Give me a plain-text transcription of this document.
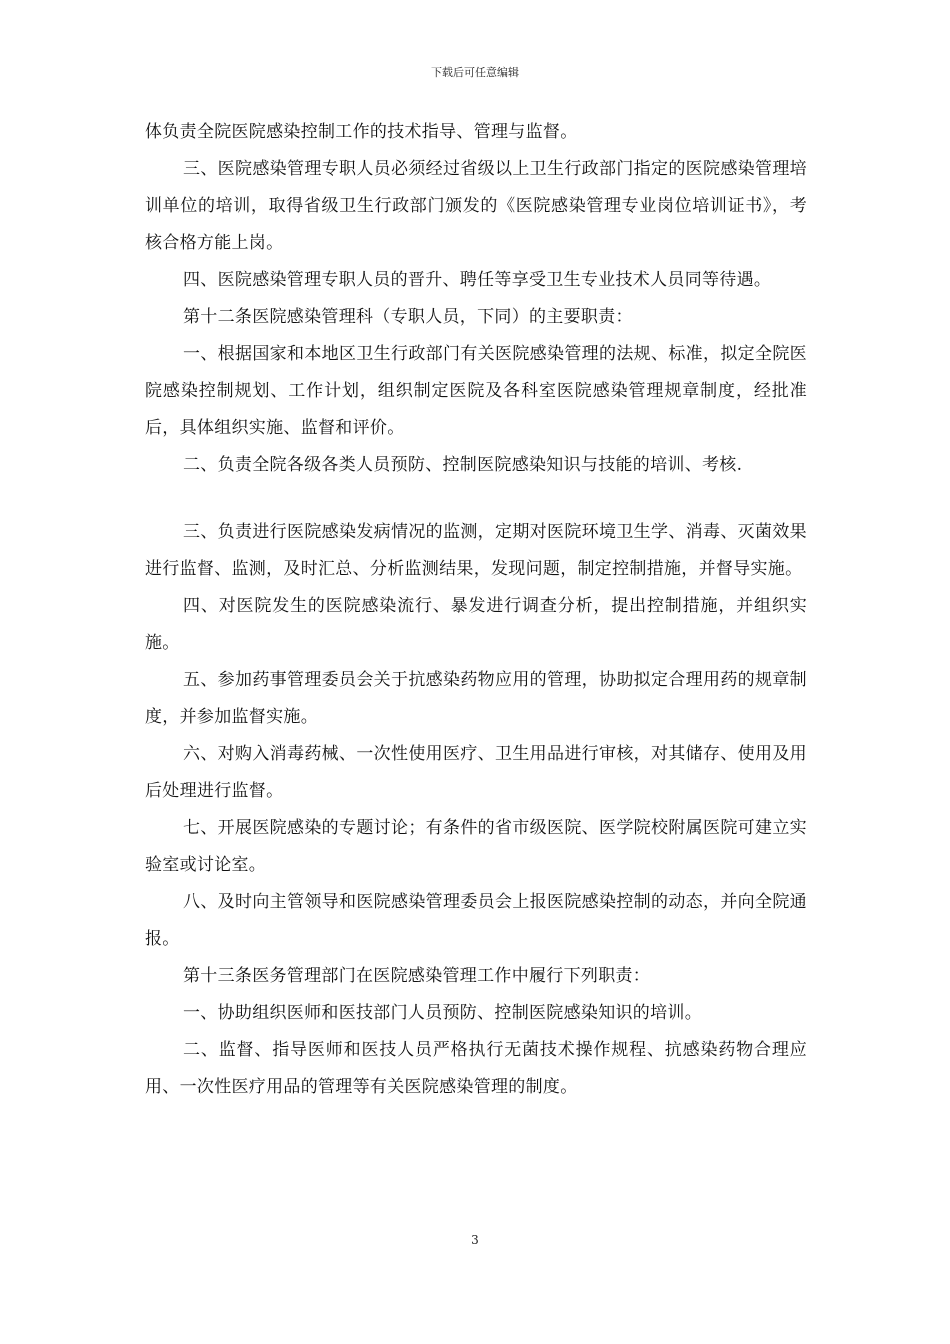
下载后可任意编辑

体负责全院医院感染控制工作的技术指导、管理与监督。

三、医院感染管理专职人员必须经过省级以上卫生行政部门指定的医院感染管理培训单位的培训，取得省级卫生行政部门颁发的《医院感染管理专业岗位培训证书》，考核合格方能上岗。

四、医院感染管理专职人员的晋升、聘任等享受卫生专业技术人员同等待遇。

第十二条医院感染管理科（专职人员，下同）的主要职责：

一、根据国家和本地区卫生行政部门有关医院感染管理的法规、标准，拟定全院医院感染控制规划、工作计划，组织制定医院及各科室医院感染管理规章制度，经批准后，具体组织实施、监督和评价。

二、负责全院各级各类人员预防、控制医院感染知识与技能的培训、考核.

三、负责进行医院感染发病情况的监测，定期对医院环境卫生学、消毒、灭菌效果进行监督、监测，及时汇总、分析监测结果，发现问题，制定控制措施，并督导实施。

四、对医院发生的医院感染流行、暴发进行调查分析，提出控制措施，并组织实施。

五、参加药事管理委员会关于抗感染药物应用的管理，协助拟定合理用药的规章制度，并参加监督实施。

六、对购入消毒药械、一次性使用医疗、卫生用品进行审核，对其储存、使用及用后处理进行监督。

七、开展医院感染的专题讨论；有条件的省市级医院、医学院校附属医院可建立实验室或讨论室。

八、及时向主管领导和医院感染管理委员会上报医院感染控制的动态，并向全院通报。

第十三条医务管理部门在医院感染管理工作中履行下列职责：

一、协助组织医师和医技部门人员预防、控制医院感染知识的培训。

二、监督、指导医师和医技人员严格执行无菌技术操作规程、抗感染药物合理应用、一次性医疗用品的管理等有关医院感染管理的制度。

3
